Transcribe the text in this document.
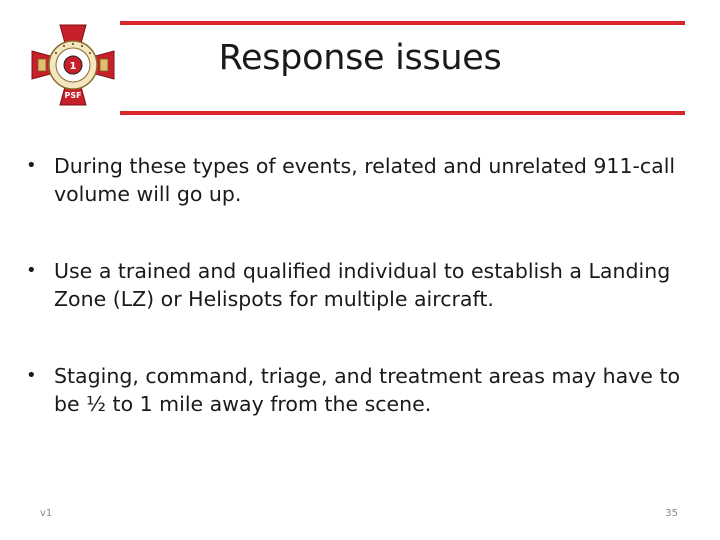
1
PSF
Response issues
• During these types of events, related and unrelated 911-call volume will go up.
• Use a trained and qualified individual to establish a Landing Zone (LZ) or Helispots for multiple aircraft.
• Staging, command, triage, and treatment areas may have to be ½ to 1 mile away from the scene.
v1	35
